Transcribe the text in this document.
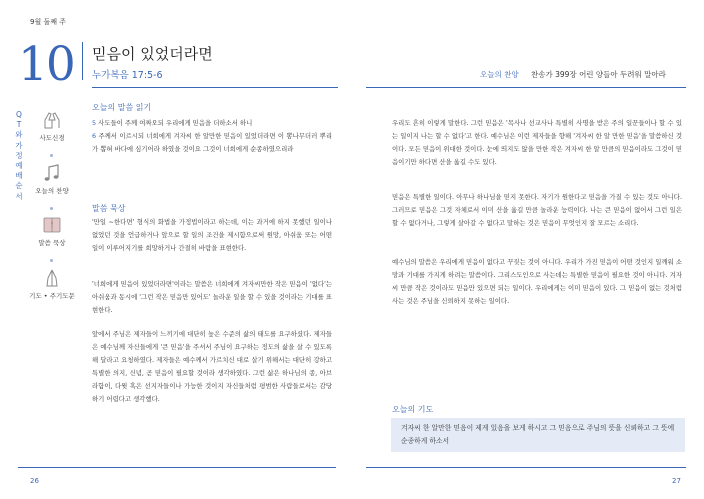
9월 둘째 주
10 믿음이 있었더라면
누가복음 17:5-6	오늘의 찬양 찬송가 399장 어린 양들아 두려워 말아라
Q
T
와
가
정
예
배
순
서
사도신경
오늘의 찬양
말씀 묵상
기도 • 주기도문
오늘의 말씀 읽기
5 사도들이 주께 여짜오되 우리에게 믿음을 더하소서 하니
6 주께서 이르시되 너희에게 겨자씨 한 알만한 믿음이 있었더라면 이 뽕나무더러 뿌리가 뽑혀 바다에 심기어라 하였을 것이요 그것이 너희에게 순종하였으리라
말씀 묵상
'만일 ~한다면' 형식의 화법을 가정법이라고 하는데, 이는 과거에 하지 못했던 일이나 없었던 것을 언급하거나 앞으로 할 일의 조건을 제시함으로써 원망, 아쉬움 또는 어떤 일이 이루어지기를 희망하거나 간절히 바람을 표현한다.
'너희에게 믿음이 있었더라면'이라는 말씀은 너희에게 겨자씨만한 작은 믿음이 '없다'는 아쉬움과 동시에 '그런 작은 믿음만 있어도' 놀라운 일을 할 수 있을 것이라는 기대를 표현한다.
앞에서 주님은 제자들이 느끼기에 대단히 높은 수준의 삶의 태도를 요구하셨다. 제자들은 예수님께 자신들에게 '큰 믿음'을 주셔서 주님이 요구하는 정도의 삶을 살 수 있도록 해 달라고 요청하였다. 제자들은 예수께서 가르치신 대로 살기 위해서는 대단히 강하고 특별한 의지, 신념, 곧 믿음이 필요할 것이라 생각하였다. 그런 삶은 하나님의 종, 아브라함이, 다윗 혹은 선지자들이나 가능한 것이지 자신들처럼 평범한 사람들로서는 감당하기 어렵다고 생각했다.
우리도 흔히 이렇게 말한다. 그런 믿음은 '목사나 선교사나 특별히 사명을 받은 주의 일꾼들이나 할 수 있는 일이지 나는 할 수 없다'고 한다. 예수님은 이런 제자들을 향해 '겨자씨 한 알 만한 믿음'을 말씀하신 것이다. 모든 믿음이 위대한 것이다. 눈에 띄지도 않을 만한 작은 겨자씨 한 알 만큼의 믿음이라도 그것이 믿음이기만 하다면 산을 옮길 수도 있다.
믿음은 특별한 일이다. 아무나 하나님을 믿지 못한다. 자기가 원한다고 믿음을 가질 수 있는 것도 아니다. 그러므로 믿음은 그것 자체로서 이미 산을 옮길 만큼 놀라운 능력이다. 나는 큰 믿음이 없어서 그런 일은 할 수 없다거나, 그렇게 살아갈 수 없다고 말하는 것은 믿음이 무엇인지 잘 모르는 소리다.
예수님의 말씀은 우리에게 믿음이 없다고 꾸짖는 것이 아니다. 우리가 가진 믿음이 어떤 것인지 일깨워 소망과 기대를 가지게 하려는 말씀이다. 그리스도인으로 사는데는 특별한 믿음이 필요한 것이 아니다. 겨자씨 만큼 작은 것이라도 믿음만 있으면 되는 일이다. 우리에게는 이미 믿음이 있다. 그 믿음이 없는 것처럼 사는 것은 주님을 신뢰하지 못하는 일이다.
오늘의 기도
겨자씨 한 알만한 믿음이 제게 있음을 보게 하시고 그 믿음으로 주님의 뜻을 신뢰하고 그 뜻에 순종하게 하소서
26	27
